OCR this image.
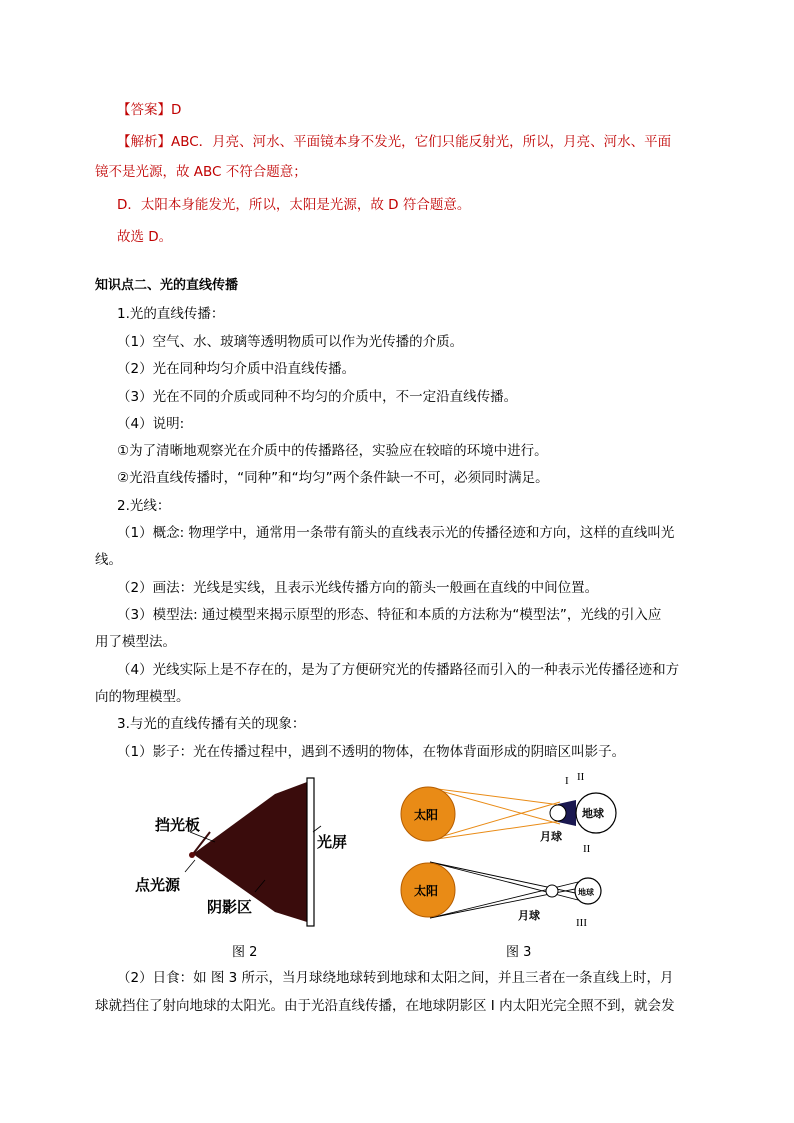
【答案】D
【解析】ABC．月亮、河水、平面镜本身不发光，它们只能反射光，所以，月亮、河水、平面
镜不是光源，故 ABC 不符合题意；
D．太阳本身能发光，所以，太阳是光源，故 D 符合题意。
故选 D。
知识点二、光的直线传播
1.光的直线传播：
（1）空气、水、玻璃等透明物质可以作为光传播的介质。
（2）光在同种均匀介质中沿直线传播。
（3）光在不同的介质或同种不均匀的介质中，不一定沿直线传播。
（4）说明:
①为了清晰地观察光在介质中的传播路径，实验应在较暗的环境中进行。
②光沿直线传播时，“同种”和“均匀”两个条件缺一不可，必须同时满足。
2.光线：
（1）概念: 物理学中，通常用一条带有箭头的直线表示光的传播径迹和方向，这样的直线叫光
线。
（2）画法：光线是实线，且表示光线传播方向的箭头一般画在直线的中间位置。
（3）模型法: 通过模型来揭示原型的形态、特征和本质的方法称为“模型法”，光线的引入应
用了模型法。
（4）光线实际上是不存在的，是为了方便研究光的传播路径而引入的一种表示光传播径迹和方
向的物理模型。
3.与光的直线传播有关的现象：
（1）影子：光在传播过程中，遇到不透明的物体，在物体背面形成的阴暗区叫影子。
挡光板
光屏
点光源
阴影区
图 2
太阳	地球
月球
I II
II
太阳	地球
月球
III
图 3
（2）日食：如 图 3 所示，当月球绕地球转到地球和太阳之间，并且三者在一条直线上时，月
球就挡住了射向地球的太阳光。由于光沿直线传播，在地球阴影区 I 内太阳光完全照不到，就会发
